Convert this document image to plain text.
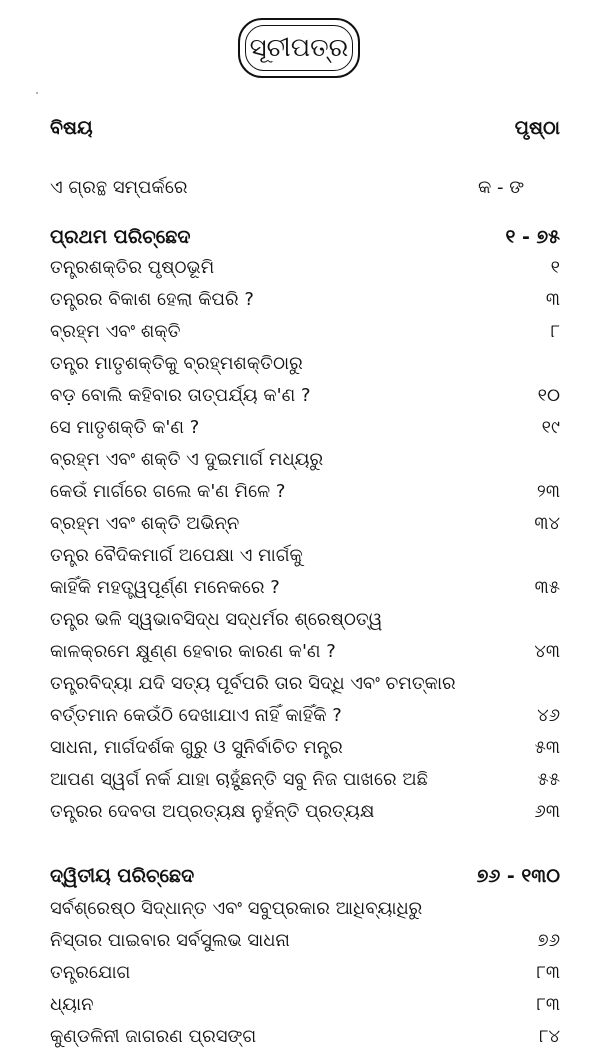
ସୂଚୀପତ୍ର
ବିଷୟ	ପୃଷ୍ଠା
ଏ ଗ୍ରନ୍ଥ ସମ୍ପର୍କରେ	କ - ଙ
ପ୍ରଥମ ପରିଚ୍ଛେଦ	୧ - ୭୫
ତନ୍ତ୍ରଶକ୍ତିର ପୃଷ୍ଠଭୂମି	୧
ତନ୍ତ୍ରର ବିକାଶ ହେଲା କିପରି ?	୩
ବ୍ରହ୍ମ ଏବଂ ଶକ୍ତି	୮
ତନ୍ତ୍ର ମାତୃଶକ୍ତିକୁ ବ୍ରହ୍ମଶକ୍ତିଠାରୁ
ବଡ଼ ବୋଲି କହିବାର ତାତ୍ପର୍ଯ୍ୟ କ'ଣ ?	୧୦
ସେ ମାତୃଶକ୍ତି କ'ଣ ?	୧୯
ବ୍ରହ୍ମ ଏବଂ ଶକ୍ତି ଏ ଦୁଇମାର୍ଗ ମଧ୍ୟରୁ
କେଉଁ ମାର୍ଗରେ ଗଲେ କ'ଣ ମିଳେ ?	୨୩
ବ୍ରହ୍ମ ଏବଂ ଶକ୍ତି ଅଭିନ୍ନ	୩୪
ତନ୍ତ୍ର ବୈଦିକମାର୍ଗ ଅପେକ୍ଷା ଏ ମାର୍ଗକୁ
କାହିଁକି ମହତ୍ତ୍ୱପୂର୍ଣ୍ଣ ମନେକରେ ?	୩୫
ତନ୍ତ୍ର ଭଳି ସ୍ୱଭାବସିଦ୍ଧ ସଦ୍‌ଧର୍ମର ଶ୍ରେଷ୍ଠତ୍ୱ
କାଳକ୍ରମେ କ୍ଷୁଣ୍ଣ ହେବାର କାରଣ କ'ଣ ?	୪୩
ତନ୍ତ୍ରବିଦ୍ୟା ଯଦି ସତ୍ୟ ପୂର୍ବପରି ତାର ସିଦ୍ଧି ଏବଂ ଚମତ୍କାର
ବର୍ତ୍ତମାନ କେଉଁଠି ଦେଖାଯାଏ ନାହିଁ କାହିଁକି ?	୪୬
ସାଧନା, ମାର୍ଗଦର୍ଶକ ଗୁରୁ ଓ ସୁନିର୍ବାଚିତ ମନ୍ତ୍ର	୫୩
ଆପଣ ସ୍ୱର୍ଗ ନର୍କ ଯାହା ଚାହୁଁଛନ୍ତି ସବୁ ନିଜ ପାଖରେ ଅଛି	୫୫
ତନ୍ତ୍ରର ଦେବତା ଅପ୍ରତ୍ୟକ୍ଷ ନୁହଁନ୍ତି ପ୍ରତ୍ୟକ୍ଷ	୬୩
ଦ୍ୱିତୀୟ ପରିଚ୍ଛେଦ	୭୬ - ୧୩୦
ସର୍ବଶ୍ରେଷ୍ଠ ସିଦ୍ଧାନ୍ତ ଏବଂ ସବୁପ୍ରକାର ଆଧିବ୍ୟାଧିରୁ
ନିସ୍ତାର ପାଇବାର ସର୍ବସୁଲଭ ସାଧନା	୭୬
ତନ୍ତ୍ରଯୋଗ	୮୩
ଧ୍ୟାନ	୮୩
କୁଣ୍ଡଳିନୀ ଜାଗରଣ ପ୍ରସଙ୍ଗ	୮୪
